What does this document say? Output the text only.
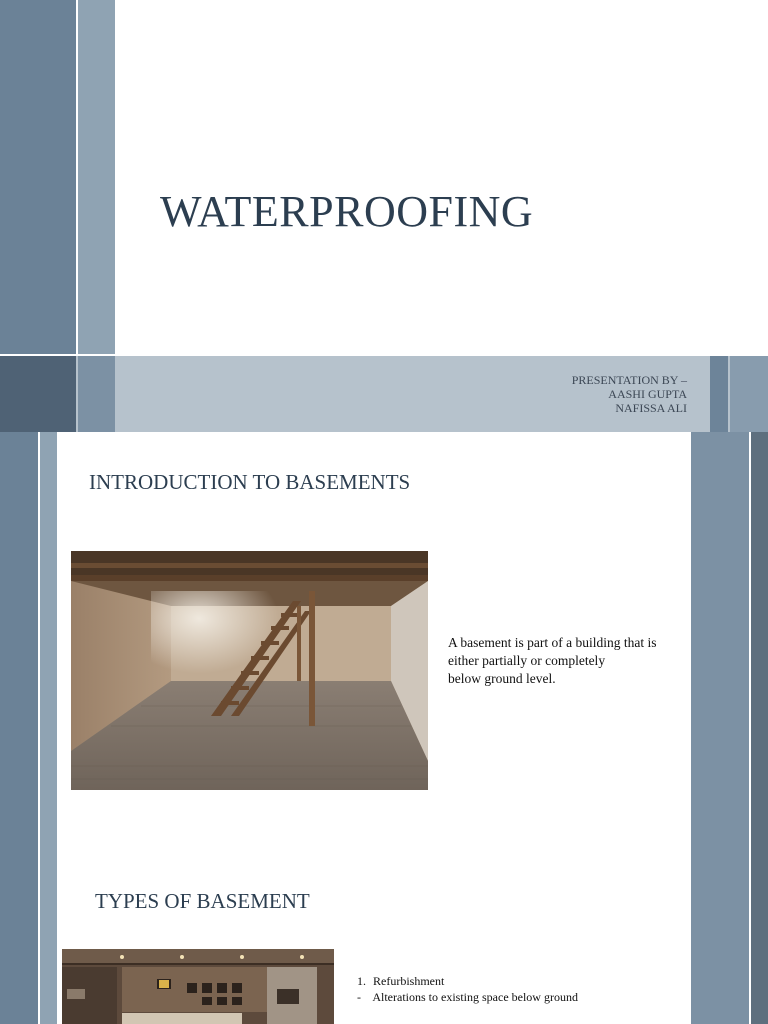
WATERPROOFING
PRESENTATION BY –
AASHI GUPTA
NAFISSA ALI
INTRODUCTION TO BASEMENTS
A basement is part of a building that is
either partially or completely
below ground level.
TYPES OF BASEMENT
1. Refurbishment
- Alterations to existing space below ground
